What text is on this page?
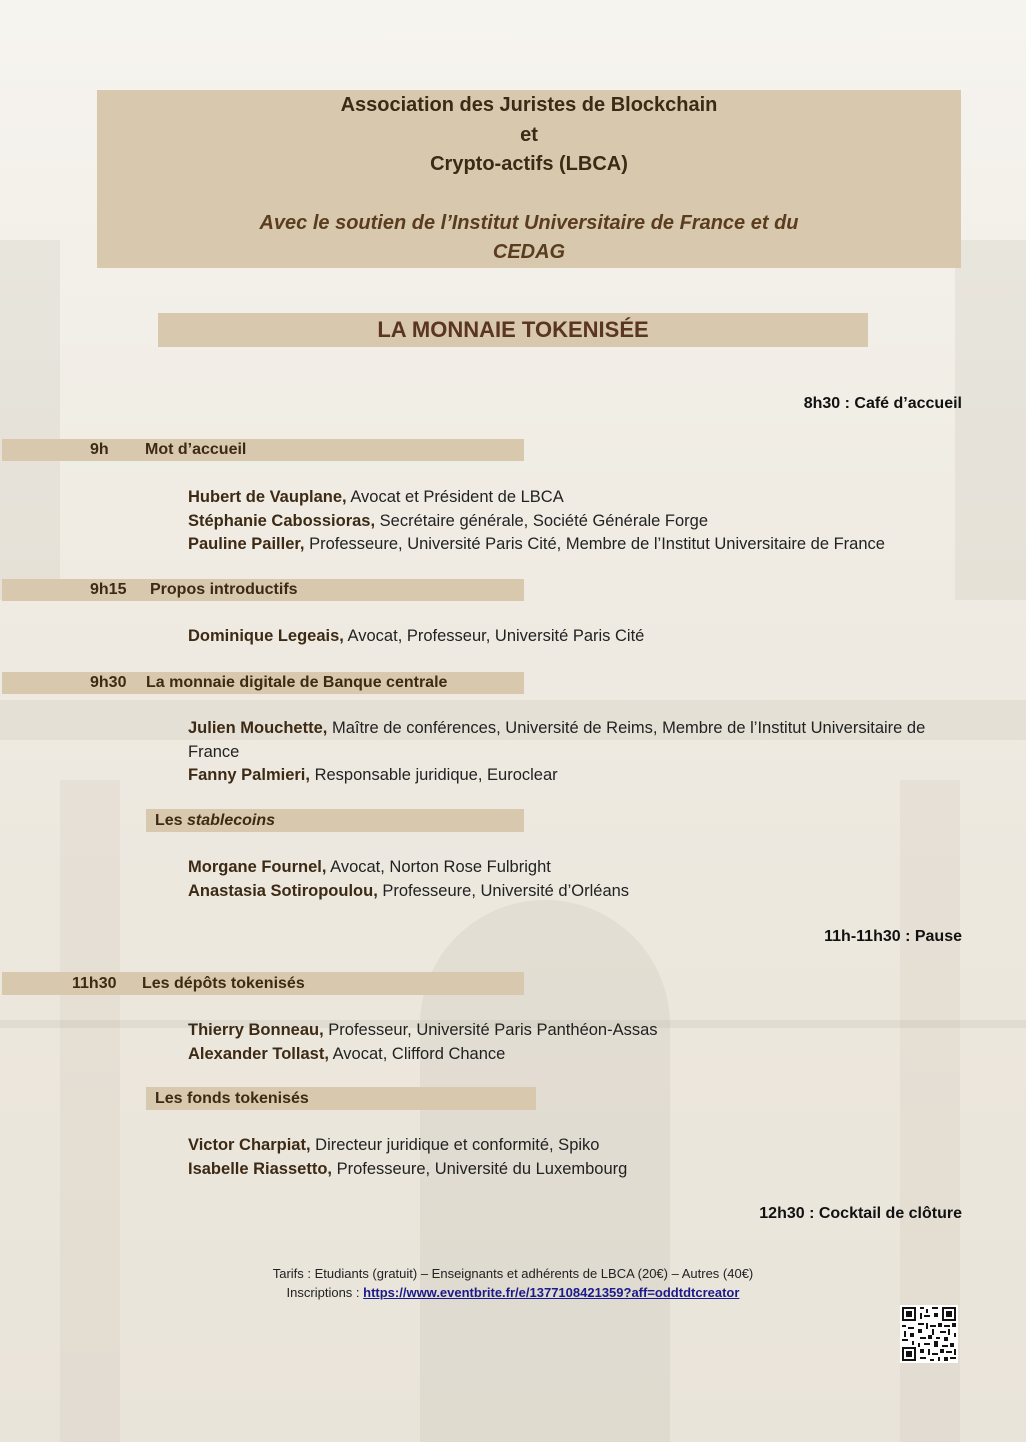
Association des Juristes de Blockchain
et
Crypto-actifs (LBCA)
Avec le soutien de l’Institut Universitaire de France et du
CEDAG
LA MONNAIE TOKENISÉE
8h30 : Café d’accueil
9h Mot d’accueil
Hubert de Vauplane, Avocat et Président de LBCA
Stéphanie Cabossioras, Secrétaire générale, Société Générale Forge
Pauline Pailler, Professeure, Université Paris Cité, Membre de l’Institut Universitaire de France
9h15 Propos introductifs
Dominique Legeais, Avocat, Professeur, Université Paris Cité
9h30 La monnaie digitale de Banque centrale
Julien Mouchette, Maître de conférences, Université de Reims, Membre de l’Institut Universitaire de France
Fanny Palmieri, Responsable juridique, Euroclear
Les stablecoins
Morgane Fournel, Avocat, Norton Rose Fulbright
Anastasia Sotiropoulou, Professeure, Université d’Orléans
11h-11h30 : Pause
11h30 Les dépôts tokenisés
Thierry Bonneau, Professeur, Université Paris Panthéon-Assas
Alexander Tollast, Avocat, Clifford Chance
Les fonds tokenisés
Victor Charpiat, Directeur juridique et conformité, Spiko
Isabelle Riassetto, Professeure, Université du Luxembourg
12h30 : Cocktail de clôture
Tarifs : Etudiants (gratuit) – Enseignants et adhérents de LBCA (20€) – Autres (40€)
Inscriptions : https://www.eventbrite.fr/e/1377108421359?aff=oddtdtcreator
